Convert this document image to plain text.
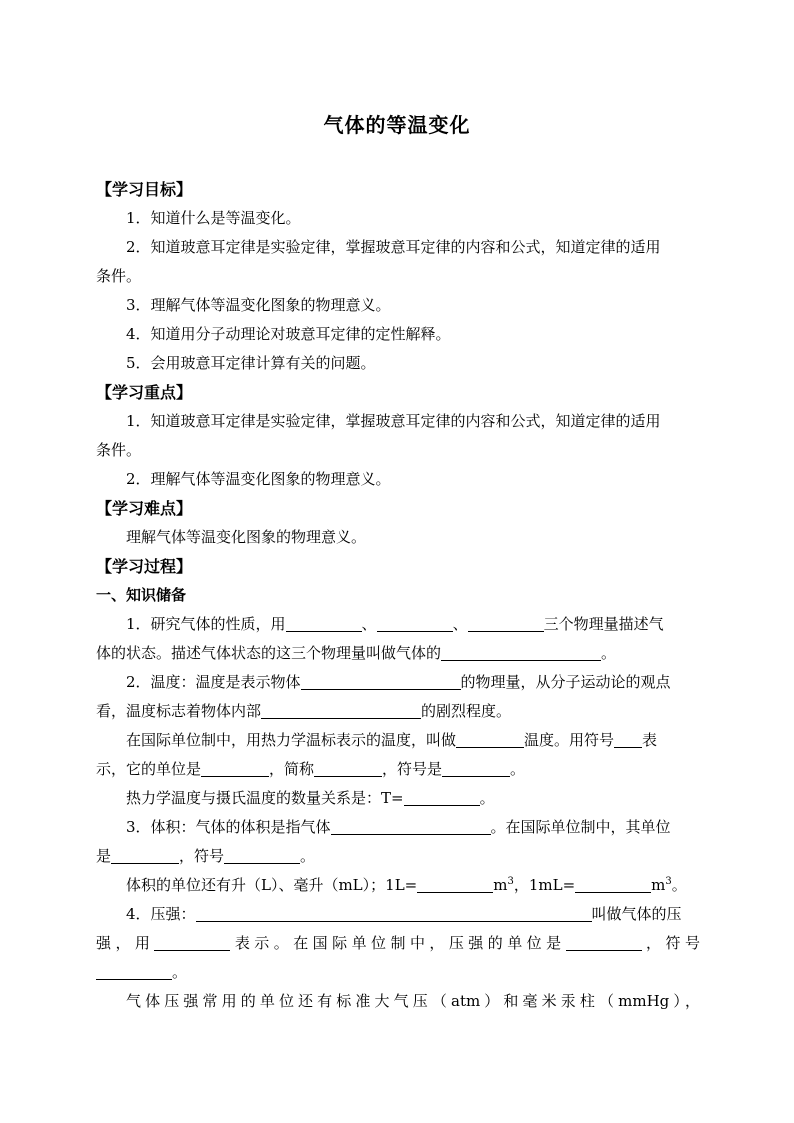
气体的等温变化

【学习目标】

1．知道什么是等温变化。

2．知道玻意耳定律是实验定律，掌握玻意耳定律的内容和公式，知道定律的适用

条件。

3．理解气体等温变化图象的物理意义。

4．知道用分子动理论对玻意耳定律的定性解释。

5．会用玻意耳定律计算有关的问题。

【学习重点】

1．知道玻意耳定律是实验定律，掌握玻意耳定律的内容和公式，知道定律的适用

条件。

2．理解气体等温变化图象的物理意义。

【学习难点】

理解气体等温变化图象的物理意义。

【学习过程】

一、知识储备

1．研究气体的性质，用	、	、	三个物理量描述气

体的状态。描述气体状态的这三个物理量叫做气体的	。

2．温度：温度是表示物体	的物理量，从分子运动论的观点

看，温度标志着物体内部	的剧烈程度。

在国际单位制中，用热力学温标表示的温度，叫做	温度。用符号 表

示，它的单位是	，简称	，符号是	。

热力学温度与摄氏温度的数量关系是：T=	。

3．体积：气体的体积是指气体	。在国际单位制中，其单位

是	，符号	。

体积的单位还有升（L）、毫升（mL）；1L=	$m^3$，1mL=	$m^3$。

4．压强：	叫做气体的压

强，用	表示。在国际单位制中，压强的单位是	，符号

。

气体压强常用的单位还有标准大气压（atm）和毫米汞柱（mmHg），
